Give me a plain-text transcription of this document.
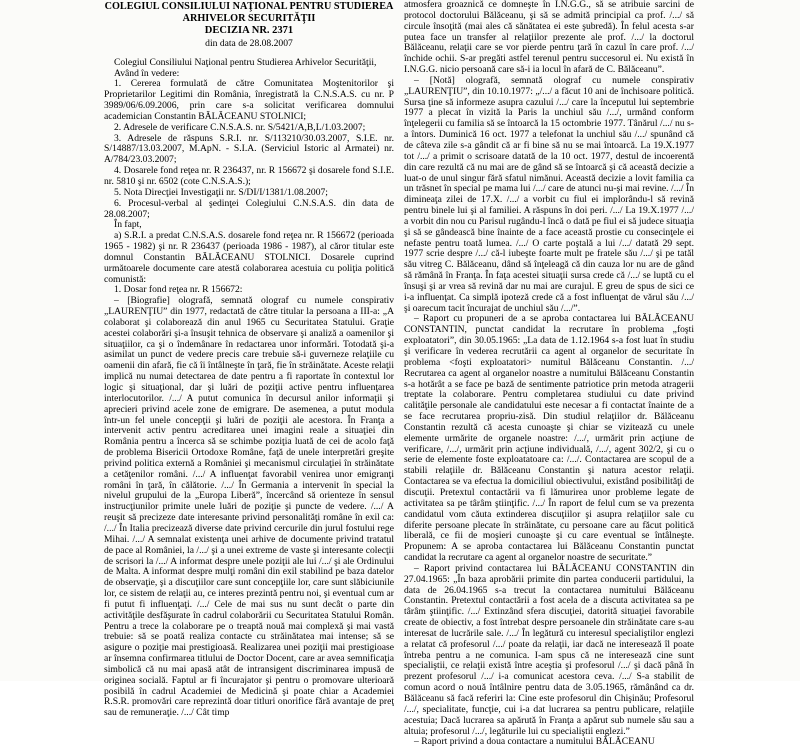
COLEGIUL CONSILIULUI NAŢIONAL PENTRU STUDIEREA

ARHIVELOR SECURITĂŢII

DECIZIA NR. 2371

din data de 28.08.2007

Colegiul Consiliului Naţional pentru Studierea Arhivelor Securităţii,

Având în vedere:

1. Cererea formulată de către Comunitatea Moştenitorilor şi Proprietarilor Legitimi din România, înregistrată la C.N.S.A.S. cu nr. P 3989/06/6.09.2006, prin care s-a solicitat verificarea domnului academician Constantin BĂLĂCEANU STOLNICI;

2. Adresele de verificare C.N.S.A.S. nr. S/5421/A,B,L/1.03.2007;

3. Adresele de răspuns S.R.I. nr. S/113210/30.03.2007, S.I.E. nr. S/14887/13.03.2007, M.ApN. - S.I.A. (Serviciul Istoric al Armatei) nr. A/784/23.03.2007;

4. Dosarele fond reţea nr. R 236437, nr. R 156672 şi dosarele fond S.I.E. nr. 5810 şi nr. 6502 (cote C.N.S.A.S.);

5. Nota Direcţiei Investigaţii nr. S/DI/I/1381/1.08.2007;

6. Procesul-verbal al şedinţei Colegiului C.N.S.A.S. din data de 28.08.2007;

În fapt,

a) S.R.I. a predat C.N.S.A.S. dosarele fond reţea nr. R 156672 (perioada 1965 - 1982) şi nr. R 236437 (perioada 1986 - 1987), al căror titular este domnul Constantin BĂLĂCEANU STOLNICI. Dosarele cuprind următoarele documente care atestă colaborarea acestuia cu poliţia politică comunistă:

1. Dosar fond reţea nr. R 156672:

– [Biografie] olografă, semnată olograf cu numele conspirativ „LAURENŢIU” din 1977, redactată de către titular la persoana a III-a: „A colaborat şi colaborează din anul 1965 cu Securitatea Statului. Graţie acestei colaborări şi-a însuşit tehnica de observare şi analiză a oamenilor şi situaţiilor, ca şi o îndemânare în redactarea unor informări. Totodată şi-a asimilat un punct de vedere precis care trebuie să-i guverneze relaţiile cu oamenii din afară, fie că îi întâlneşte în ţară, fie în străinătate. Aceste relaţii implică nu numai detectarea de date pentru a fi raportate în contextul lor logic şi situaţional, dar şi luări de poziţii active pentru influenţarea interlocutorilor. /.../ A putut comunica în decursul anilor informaţii şi aprecieri privind acele zone de emigrare. De asemenea, a putut modula într-un fel unele concepţii şi luări de poziţii ale acestora. În Franţa a intervenit activ pentru acreditarea unei imagini reale a situaţiei din România pentru a încerca să se schimbe poziţia luată de cei de acolo faţă de problema Bisericii Ortodoxe Române, faţă de unele interpretări greşite privind politica externă a României şi mecanismul circulaţiei în străinătate a cetăţenilor români. /.../ A influenţat favorabil venirea unor emigranţi români în ţară, în călătorie. /.../ În Germania a intervenit în special la nivelul grupului de la „Europa Liberă”, încercând să orienteze în sensul instrucţiunilor primite unele luări de poziţie şi puncte de vedere. /.../ A reuşit să precizeze date interesante privind personalităţi române în exil ca: /.../ În Italia precizează diverse date privind cercurile din jurul fostului rege Mihai. /.../ A semnalat existenţa unei arhive de documente privind tratatul de pace al României, la /.../ şi a unei extreme de vaste şi interesante colecţii de scrisori la /.../ A informat despre unele poziţii ale lui /.../ şi ale Ordinului de Malta. A informat despre mulţi români din exil stabilind pe baza datelor de observaţie, şi a discuţiilor care sunt concepţiile lor, care sunt slăbiciunile lor, ce sistem de relaţii au, ce interes prezintă pentru noi, şi eventual cum ar fi putut fi influenţaţi. /.../ Cele de mai sus nu sunt decât o parte din activităţile desfăşurate în cadrul colaborării cu Securitatea Statului Român. Pentru a trece la colaborare pe o treaptă nouă mai complexă şi mai vastă trebuie: să se poată realiza contacte cu străinătatea mai intense; să se asigure o poziţie mai prestigioasă. Realizarea unei poziţii mai prestigioase ar însemna confirmarea titlului de Doctor Docent, care ar avea semnificaţia simbolică că nu mai apasă atât de intransigent discriminarea impusă de originea socială. Faptul ar fi încurajator şi pentru o promovare ulterioară posibilă în cadrul Academiei de Medicină şi poate chiar a Academiei R.S.R. promovări care reprezintă doar titluri onorifice fără avantaje de preţ sau de remuneraţie. /.../ Cât timp

atmosfera groaznică ce domneşte în I.N.G.G., să se atribuie sarcini de protocol doctorului Bălăceanu, şi să se admită principial ca prof. /.../ să circule însoţită (mai ales că sănătatea ei este şubredă). În felul acesta s-ar putea face un transfer al relaţiilor prezente ale prof. /.../ la doctorul Bălăceanu, relaţii care se vor pierde pentru ţară în cazul în care prof. /.../ închide ochii. S-ar pregăti astfel terenul pentru succesorul ei. Nu există în I.N.G.G. nicio persoană care să-i ia locul în afară de C. Bălăceanu”.

– [Notă] olografă, semnată olograf cu numele conspirativ „LAURENŢIU”, din 10.10.1977: „/.../ a făcut 10 ani de închisoare politică. Sursa ţine să informeze asupra cazului /.../ care la începutul lui septembrie 1977 a plecat în vizită la Paris la unchiul său /.../, urmând conform înţelegerii cu familia să se întoarcă la 15 octombrie 1977. Tânărul /.../ nu s-a întors. Duminică 16 oct. 1977 a telefonat la unchiul său /.../ spunând că de câteva zile s-a gândit că ar fi bine să nu se mai întoarcă. La 19.X.1977 tot /.../ a primit o scrisoare datată de la 10 oct. 1977, destul de incoerentă din care rezultă că nu mai are de gând să se întoarcă şi că această decizie a luat-o de unul singur fără sfatul nimănui. Această decizie a lovit familia ca un trăsnet în special pe mama lui /.../ care de atunci nu-şi mai revine. /.../ În dimineaţa zilei de 17.X. /.../ a vorbit cu fiul ei implorându-l să revină pentru binele lui şi al familiei. A răspuns în doi peri. /.../ La 19.X.1977 /.../ a vorbit din nou cu Parisul rugându-l încă o dată pe fiul ei să judece situaţia şi să se gândească bine înainte de a face această prostie cu consecinţele ei nefaste pentru toată lumea. /.../ O carte poştală a lui /.../ datată 29 sept. 1977 scrie despre /.../ că-l iubeşte foarte mult pe fratele său /.../ şi pe tatăl său vitreg C. Bălăceanu, dând să înţeleagă că din cauza lor nu are de gând să rămână în Franţa. În faţa acestei situaţii sursa crede că /.../ se luptă cu el însuşi şi ar vrea să revină dar nu mai are curajul. E greu de spus de sici ce i-a influenţat. Ca simplă ipoteză crede că a fost influenţat de vărul său /.../ şi oarecum tacit încurajat de unchiul său /.../”.

– Raport cu propuneri de a se aproba contactarea lui BĂLĂCEANU CONSTANTIN, punctat candidat la recrutare în problema „foşti exploatatori”, din 30.05.1965: „La data de 1.12.1964 s-a fost luat în studiu şi verificare în vederea recrutării ca agent al organelor de securitate în problema <foşti exploatatori> numitul Bălăceanu Constantin. /.../ Recrutarea ca agent al organelor noastre a numitului Bălăceanu Constantin s-a hotărât a se face pe bază de sentimente patriotice prin metoda atragerii treptate la colaborare. Pentru completarea studiului cu date privind calităţile personale ale candidatului este necesar a fi contactat înainte de a se face recrutarea propriu-zisă. Din studiul relaţiilor dr. Bălăceanu Constantin rezultă că acesta cunoaşte şi chiar se vizitează cu unele elemente urmărite de organele noastre: /.../, urmărit prin acţiune de verificare, /.../, urmărit prin acţiune individuală, /.../, agent 302/2, şi cu o serie de elemente foste exploatatoare ca: /.../. Contactarea are scopul de a stabili relaţiile dr. Bălăceanu Constantin şi natura acestor relaţii. Contactarea se va efectua la domiciliul obiectivului, existând posibilităţi de discuţii. Pretextul contactării va fi lămurirea unor probleme legate de activitatea sa pe târâm ştiinţific. /.../ În raport de felul cum se va prezenta candidatul vom căuta extinderea discuţiilor şi asupra relaţiilor sale cu diferite persoane plecate în străinătate, cu persoane care au făcut politică liberală, ce fii de moşieri cunoaşte şi cu care eventual se întâlneşte. Propunem: A se aproba contactarea lui Bălăceanu Constantin punctat candidat la recrutare ca agent al organelor noastre de securitate.”

– Raport privind contactarea lui BĂLĂCEANU CONSTANTIN din 27.04.1965: „În baza aprobării primite din partea conducerii partidului, la data de 26.04.1965 s-a trecut la contactarea numitului Bălăceanu Constantin. Pretextul contactării a fost acela de a discuta activitatea sa pe târâm ştiinţific. /.../ Extinzând sfera discuţiei, datorită situaţiei favorabile create de obiectiv, a fost întrebat despre persoanele din străinătate care s-au interesat de lucrările sale. /.../ În legătură cu interesul specialiştilor englezi a relatat că profesorul /.../ poate da relaţii, iar dacă ne interesează îl poate întreba pentru a ne comunica. I-am spus că ne interesează cine sunt specialiştii, ce relaţii există între aceştia şi profesorul /.../ şi dacă până în prezent profesorul /.../ i-a comunicat acestora ceva. /.../ S-a stabilit de comun acord o nouă întâlnire pentru data de 3.05.1965, rămânând ca dr. Bălăceanu să facă referiri la: Cine este profesorul din Chişinău; Profesorul /.../, specialitate, funcţie, cui i-a dat lucrarea sa pentru publicare, relaţiile acestuia; Dacă lucrarea sa apărută în Franţa a apărut sub numele său sau a altuia; profesorul /.../, legăturile lui cu specialiştii englezi.”

– Raport privind a doua contactare a numitului BĂLĂCEANU
